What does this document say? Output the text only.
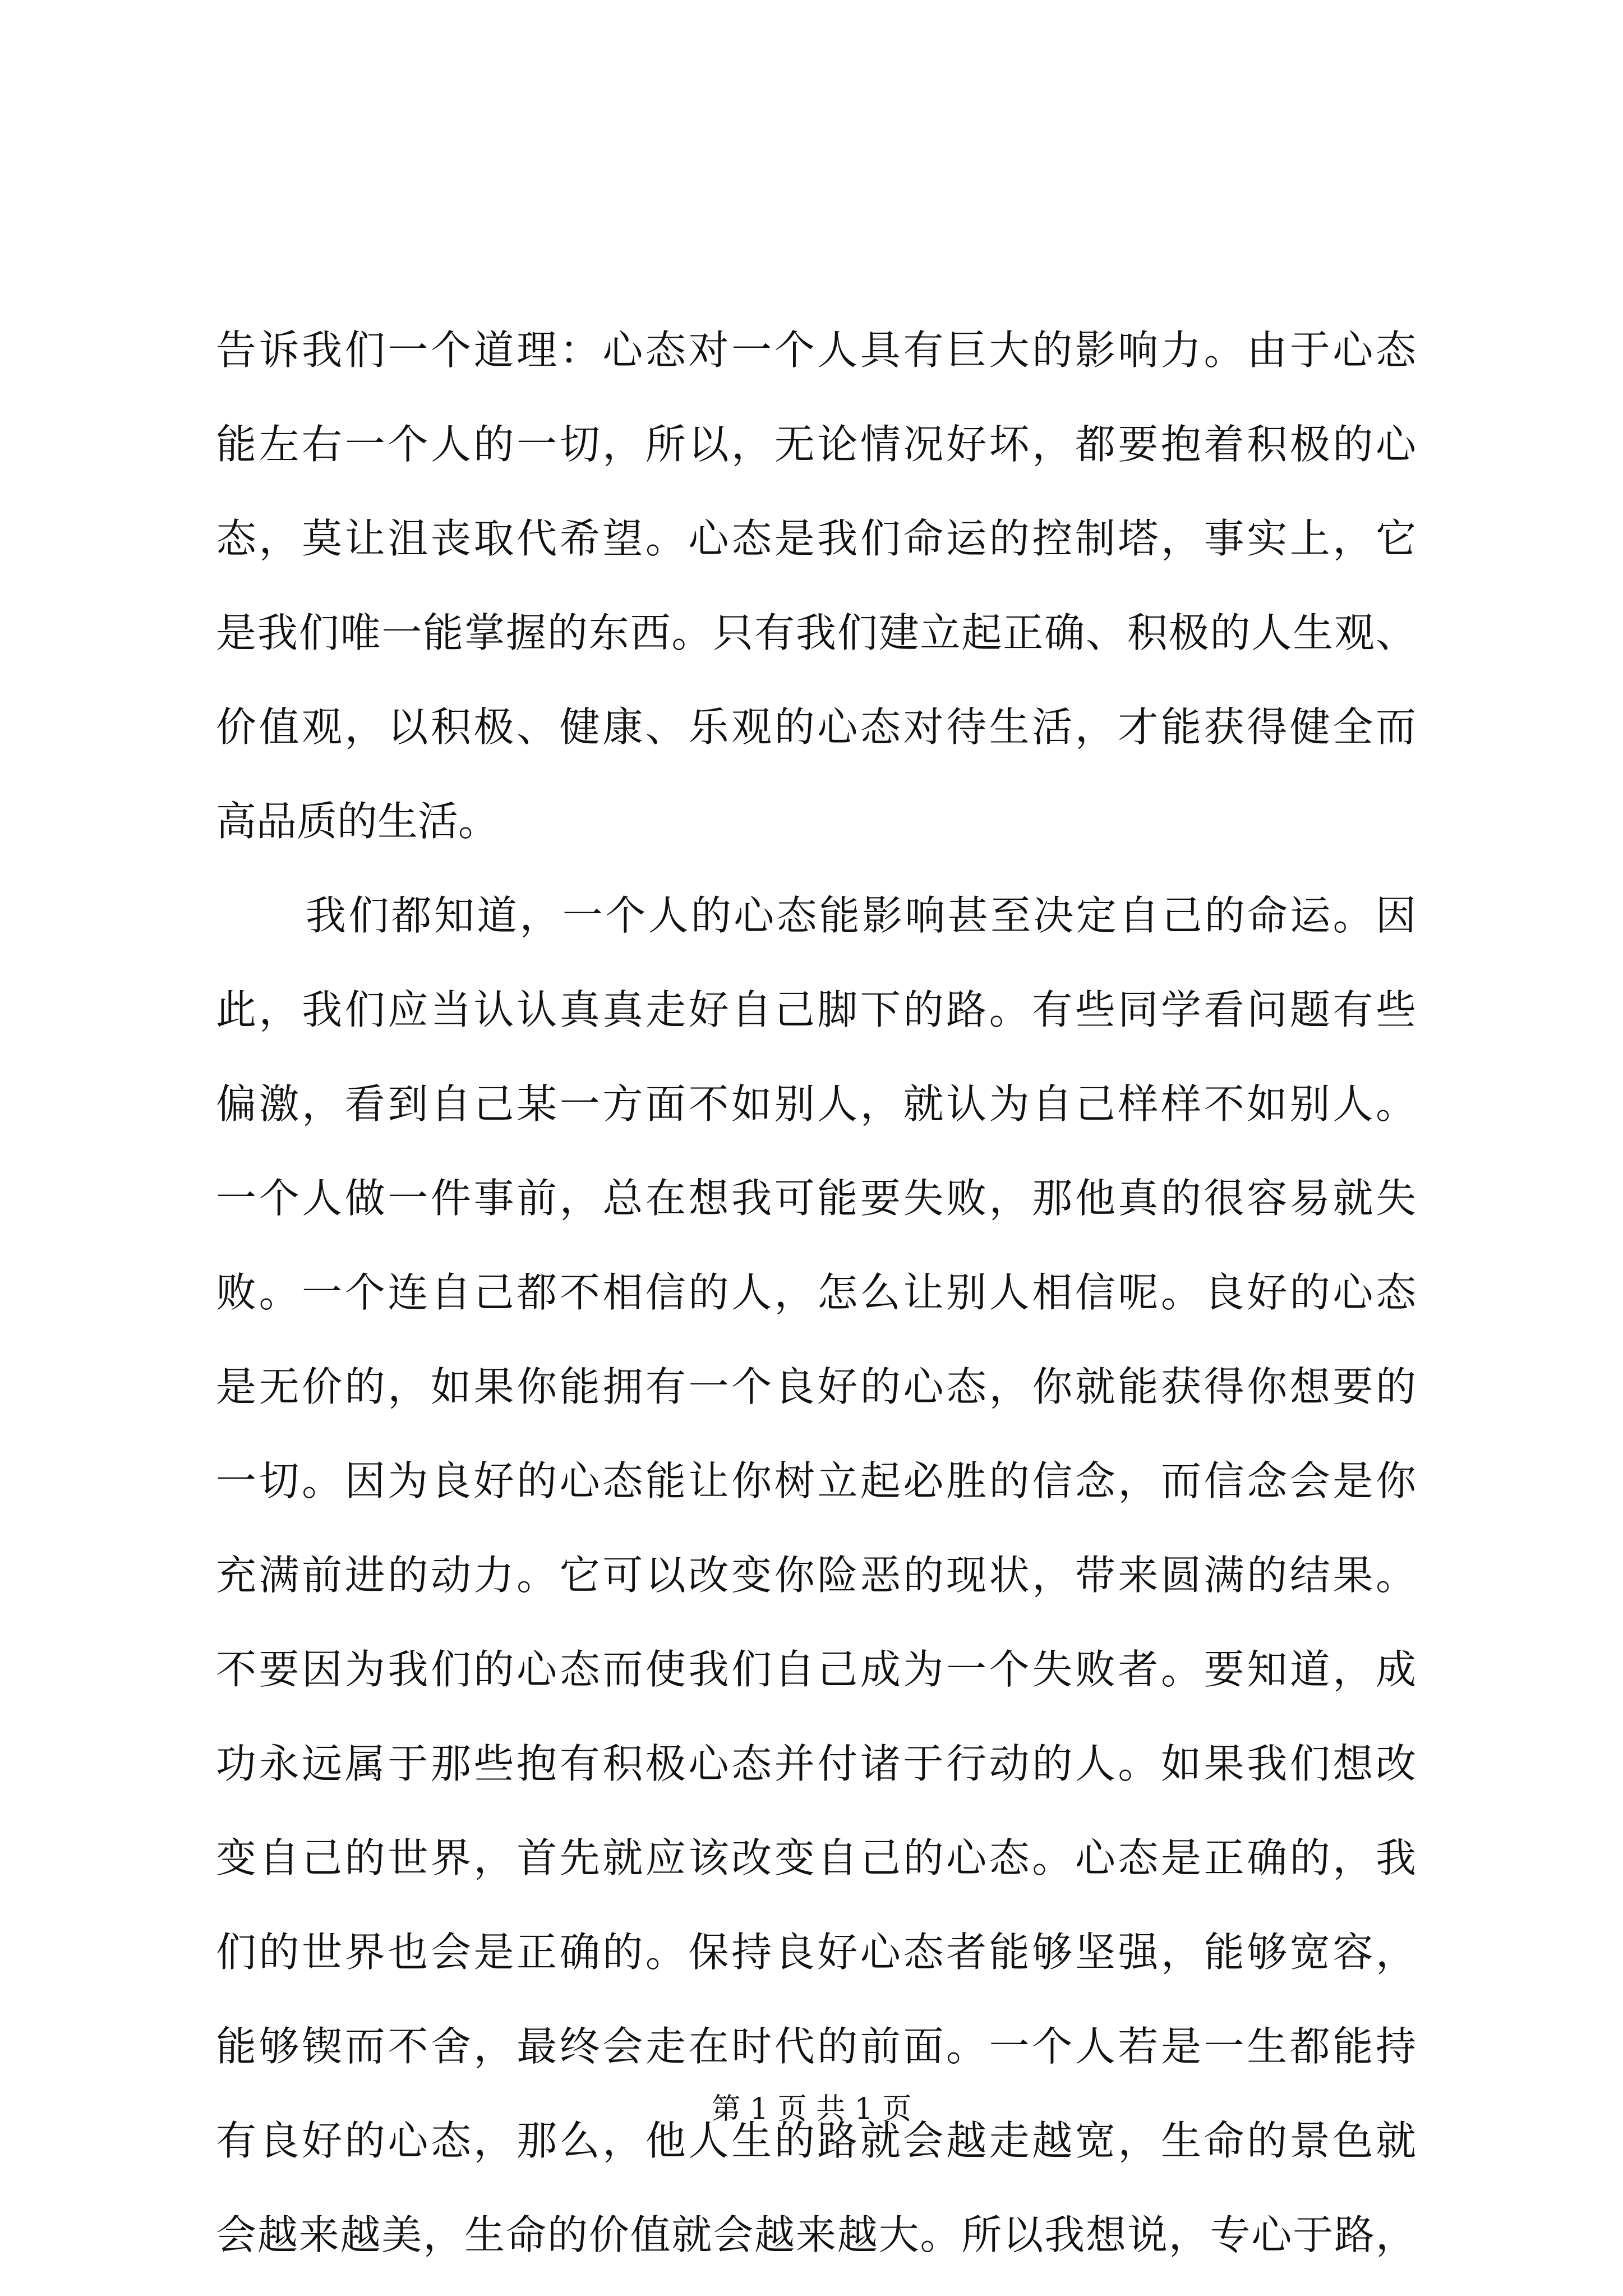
告诉我们一个道理：心态对一个人具有巨大的影响力。由于心态
能左右一个人的一切，所以，无论情况好坏，都要抱着积极的心
态，莫让沮丧取代希望。心态是我们命运的控制塔，事实上，它
是我们唯一能掌握的东西。只有我们建立起正确、积极的人生观、
价值观，以积极、健康、乐观的心态对待生活，才能获得健全而
高品质的生活。
我们都知道，一个人的心态能影响甚至决定自己的命运。因
此，我们应当认认真真走好自己脚下的路。有些同学看问题有些
偏激，看到自己某一方面不如别人，就认为自己样样不如别人。
一个人做一件事前，总在想我可能要失败，那他真的很容易就失
败。一个连自己都不相信的人，怎么让别人相信呢。良好的心态
是无价的，如果你能拥有一个良好的心态，你就能获得你想要的
一切。因为良好的心态能让你树立起必胜的信念，而信念会是你
充满前进的动力。它可以改变你险恶的现状，带来圆满的结果。
不要因为我们的心态而使我们自己成为一个失败者。要知道，成
功永远属于那些抱有积极心态并付诸于行动的人。如果我们想改
变自己的世界，首先就应该改变自己的心态。心态是正确的，我
们的世界也会是正确的。保持良好心态者能够坚强，能够宽容，
能够锲而不舍，最终会走在时代的前面。一个人若是一生都能持
有良好的心态，那么，他人生的路就会越走越宽，生命的景色就
会越来越美，生命的价值就会越来越大。所以我想说，专心于路，
第 1 页 共 1 页
